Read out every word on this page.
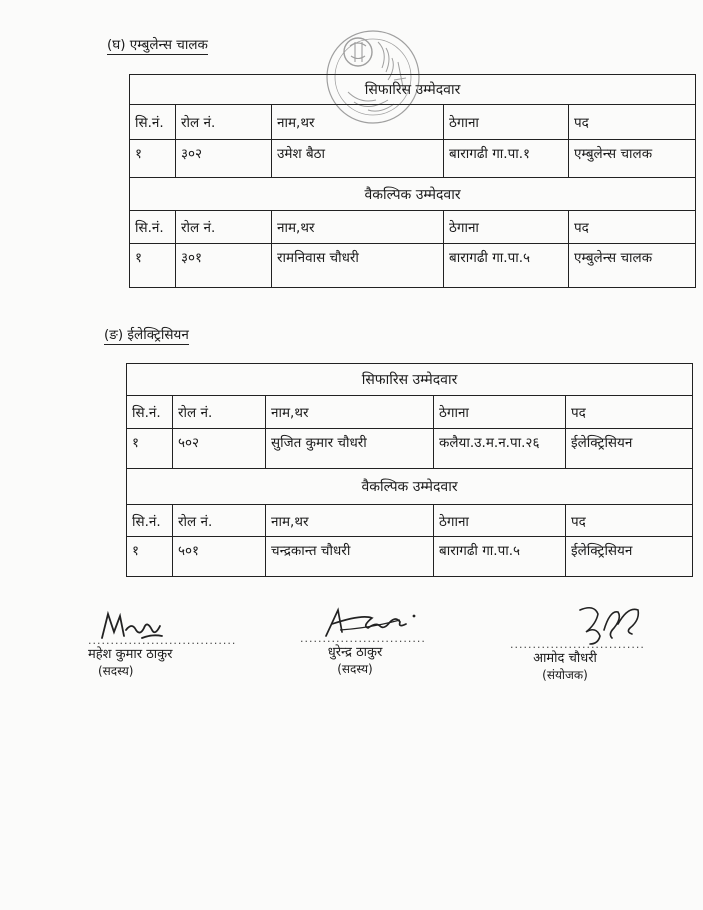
(घ) एम्बुलेन्स चालक
सिफारिस उम्मेदवार				
सि.नं.	रोल नं.	नाम,थर	ठेगाना	पद
१	३०२	उमेश बैठा	बारागढी गा.पा.१	एम्बुलेन्स चालक
वैकल्पिक उम्मेदवार				
सि.नं.	रोल नं.	नाम,थर	ठेगाना	पद
१	३०१	रामनिवास चौधरी	बारागढी गा.पा.५	एम्बुलेन्स चालक
(ङ) ईलेक्ट्रिसियन
सिफारिस उम्मेदवार				
सि.नं.	रोल नं.	नाम,थर	ठेगाना	पद
१	५०२	सुजित कुमार चौधरी	कलैया.उ.म.न.पा.२६	ईलेक्ट्रिसियन
वैकल्पिक उम्मेदवार				
सि.नं.	रोल नं.	नाम,थर	ठेगाना	पद
१	५०१	चन्द्रकान्त चौधरी	बारागढी गा.पा.५	ईलेक्ट्रिसियन
.................................
महेश कुमार ठाकुर
(सदस्य)
............................
धुरेन्द्र ठाकुर
(सदस्य)
..............................
आमोद चौधरी
(संयोजक)
